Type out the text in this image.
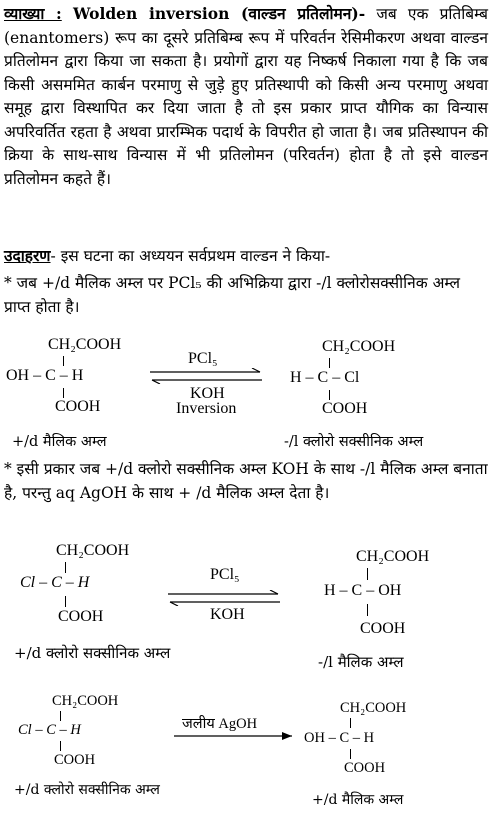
व्याख्या : Wolden inversion (वाल्डन प्रतिलोमन)- जब एक प्रतिबिम्ब (enantomers) रूप का दूसरे प्रतिबिम्ब रूप में परिवर्तन रेसिमीकरण अथवा वाल्डन प्रतिलोमन द्वारा किया जा सकता है। प्रयोगों द्वारा यह निष्कर्ष निकाला गया है कि जब किसी असममित कार्बन परमाणु से जुड़े हुए प्रतिस्थापी को किसी अन्य परमाणु अथवा समूह द्वारा विस्थापित कर दिया जाता है तो इस प्रकार प्राप्त यौगिक का विन्यास अपरिवर्तित रहता है अथवा प्रारम्भिक पदार्थ के विपरीत हो जाता है। जब प्रतिस्थापन की क्रिया के साथ-साथ विन्यास में भी प्रतिलोमन (परिवर्तन) होता है तो इसे वाल्डन प्रतिलोमन कहते हैं।
उदाहरण- इस घटना का अध्ययन सर्वप्रथम वाल्डन ने किया-
* जब +/d मैलिक अम्ल पर PCl₅ की अभिक्रिया द्वारा -/l क्लोरोसक्सीनिक अम्ल प्राप्त होता है।
CH₂COOH
OH – C – H
COOH
PCl₅
KOH
Inversion
CH₂COOH
H – C – Cl
COOH
+/d मैलिक अम्ल	-/l क्लोरो सक्सीनिक अम्ल
* इसी प्रकार जब +/d क्लोरो सक्सीनिक अम्ल KOH के साथ -/l मैलिक अम्ल बनाता है, परन्तु aq AgOH के साथ + /d मैलिक अम्ल देता है।
CH₂COOH
Cl – C – H
COOH
PCl₅
KOH
CH₂COOH
H – C – OH
COOH
+/d क्लोरो सक्सीनिक अम्ल	-/l मैलिक अम्ल
CH₂COOH
Cl – C – H
COOH
जलीय AgOH
CH₂COOH
OH – C – H
COOH
+/d क्लोरो सक्सीनिक अम्ल
+/d मैलिक अम्ल
